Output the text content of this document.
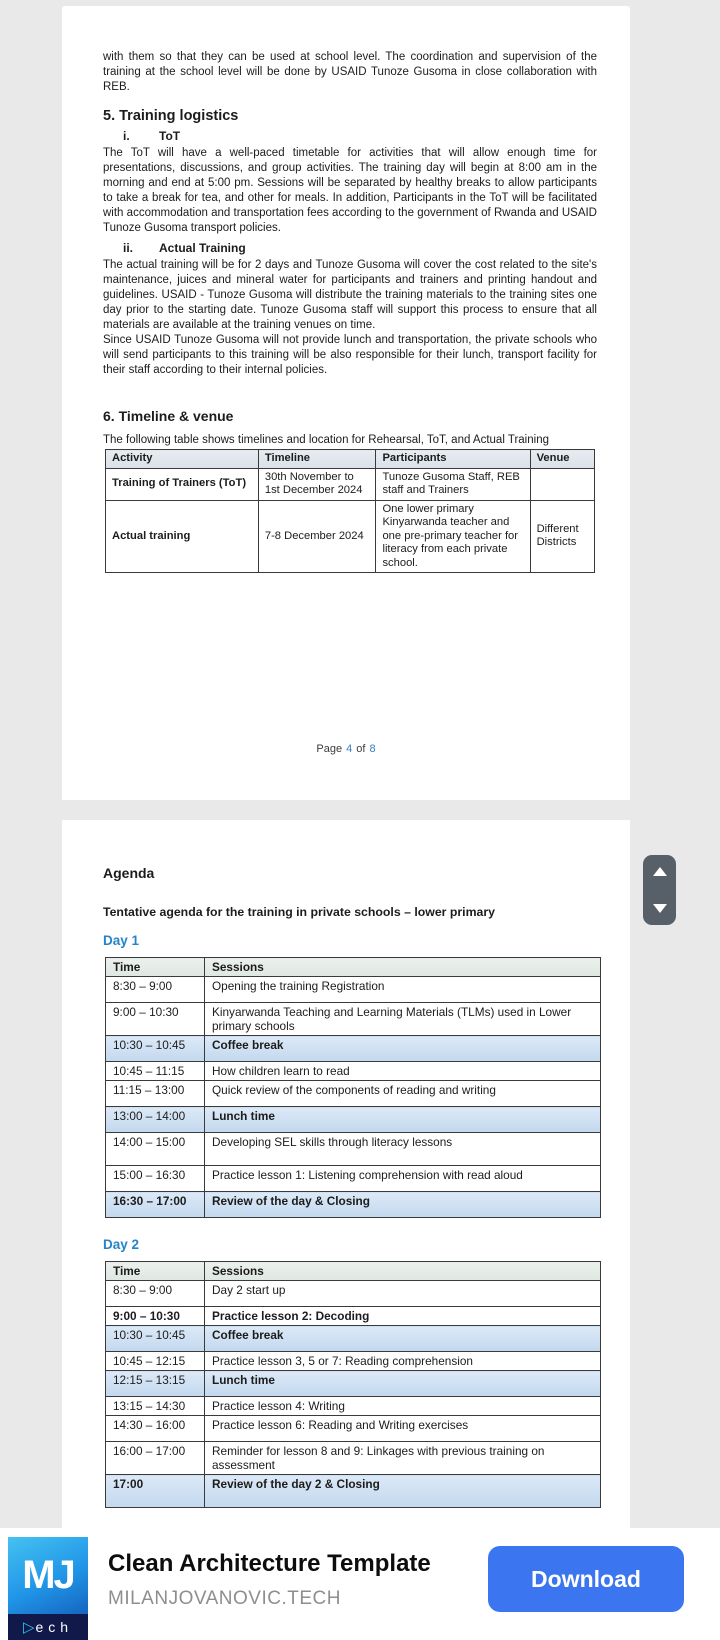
with them so that they can be used at school level. The coordination and supervision of the training at the school level will be done by USAID Tunoze Gusoma in close collaboration with REB.

5. Training logistics
i.	ToT

The ToT will have a well-paced timetable for activities that will allow enough time for presentations, discussions, and group activities. The training day will begin at 8:00 am in the morning and end at 5:00 pm. Sessions will be separated by healthy breaks to allow participants to take a break for tea, and other for meals. In addition, Participants in the ToT will be facilitated with accommodation and transportation fees according to the government of Rwanda and USAID Tunoze Gusoma transport policies.

ii.	Actual Training

The actual training will be for 2 days and Tunoze Gusoma will cover the cost related to the site's maintenance, juices and mineral water for participants and trainers and printing handout and guidelines. USAID - Tunoze Gusoma will distribute the training materials to the training sites one day prior to the starting date. Tunoze Gusoma staff will support this process to ensure that all materials are available at the training venues on time.

Since USAID Tunoze Gusoma will not provide lunch and transportation, the private schools who will send participants to this training will be also responsible for their lunch, transport facility for their staff according to their internal policies.

6. Timeline & venue

The following table shows timelines and location for Rehearsal, ToT, and Actual Training

Activity	Timeline	Participants	Venue
Training of Trainers (ToT)	30th November to 1st December 2024	Tunoze Gusoma Staff, REB staff and Trainers	
Actual training	7-8 December 2024	One lower primary Kinyarwanda teacher and one pre-primary teacher for literacy from each private school.	Different Districts
Page 4 of 8
Agenda
Tentative agenda for the training in private schools – lower primary
Day 1
Time	Sessions
8:30 – 9:00	Opening the training Registration
9:00 – 10:30	Kinyarwanda Teaching and Learning Materials (TLMs) used in Lower primary schools
10:30 – 10:45	Coffee break
10:45 – 11:15	How children learn to read
11:15 – 13:00	Quick review of the components of reading and writing
13:00 – 14:00	Lunch time
14:00 – 15:00	Developing SEL skills through literacy lessons
15:00 – 16:30	Practice lesson 1: Listening comprehension with read aloud
16:30 – 17:00	Review of the day & Closing
Day 2
Time	Sessions
8:30 – 9:00	Day 2 start up
9:00 – 10:30	Practice lesson 2: Decoding
10:30 – 10:45	Coffee break
10:45 – 12:15	Practice lesson 3, 5 or 7: Reading comprehension
12:15 – 13:15	Lunch time
13:15 – 14:30	Practice lesson 4: Writing
14:30 – 16:00	Practice lesson 6: Reading and Writing exercises
16:00 – 17:00	Reminder for lesson 8 and 9: Linkages with previous training on assessment
17:00	Review of the day 2 & Closing
MJ
▷ ech
Clean Architecture Template
MILANJOVANOVIC.TECH
Download
